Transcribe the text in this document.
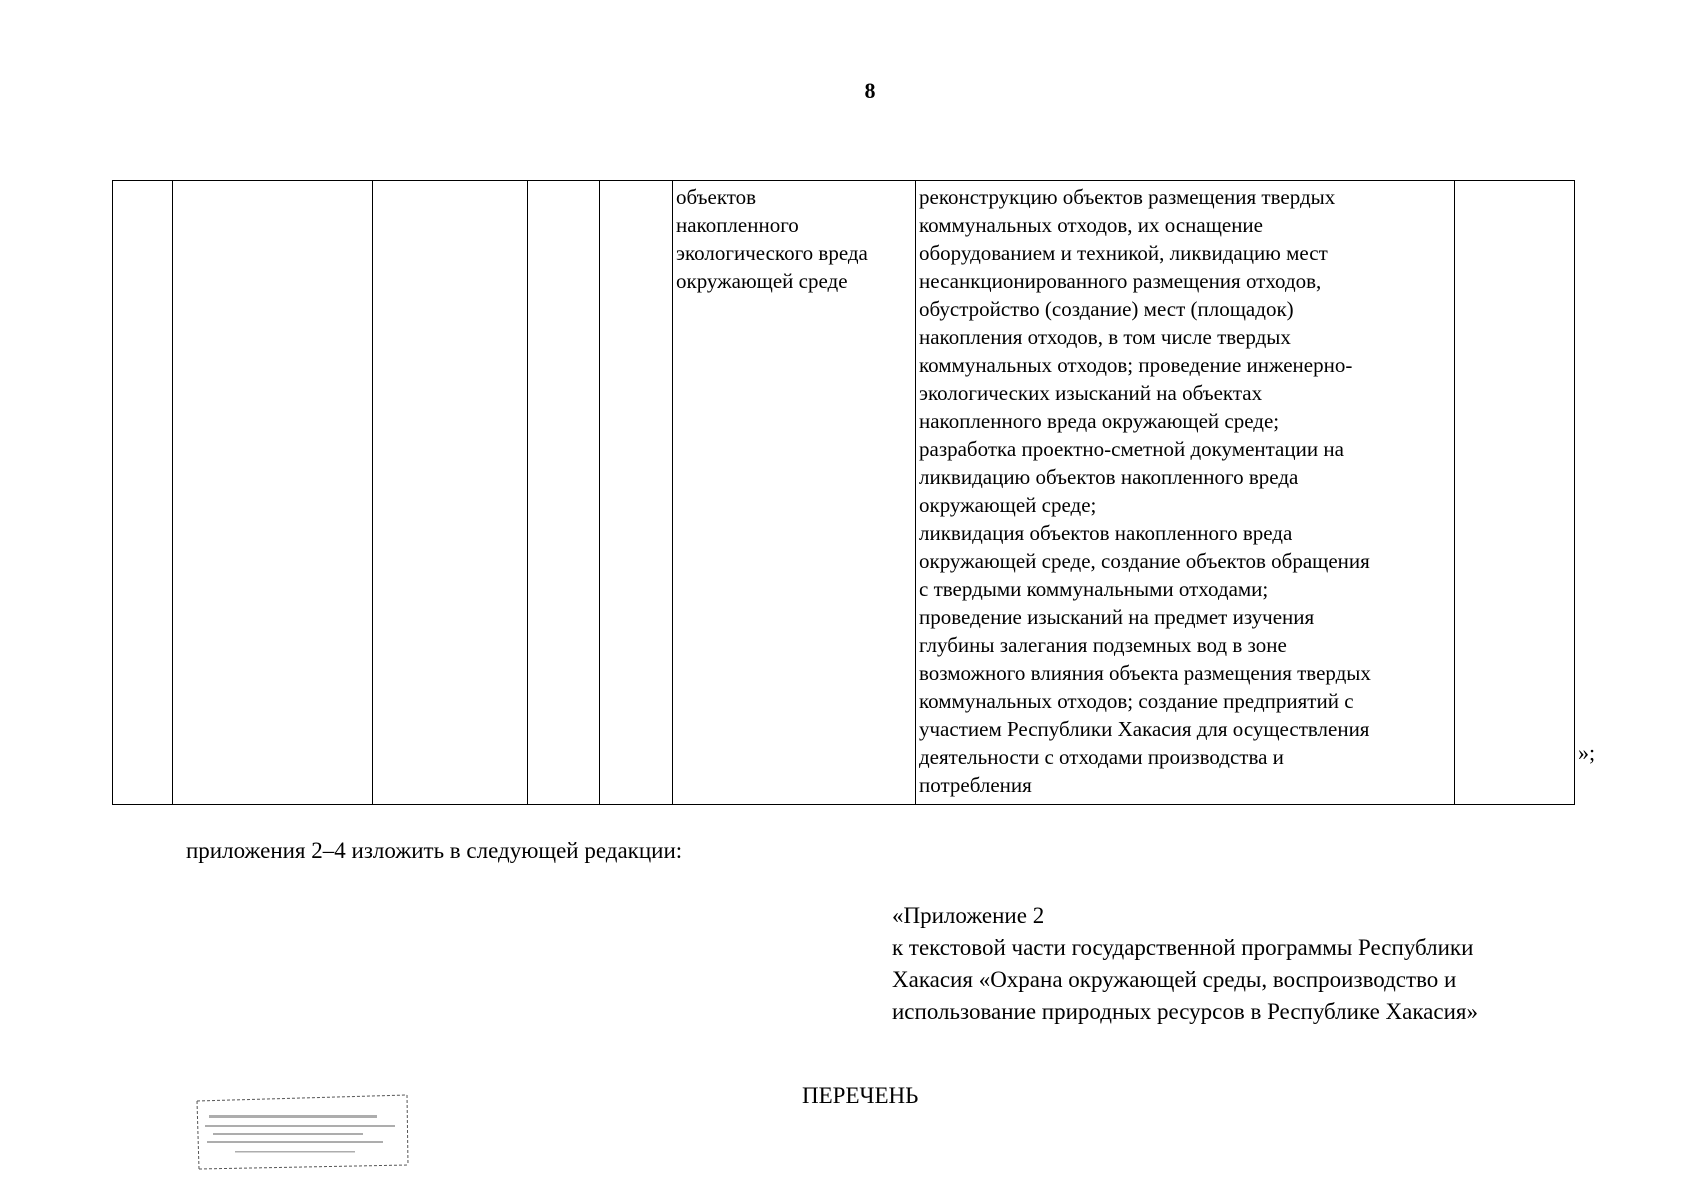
8
					объектов
накопленного
экологического вреда
окружающей среде	реконструкцию объектов размещения твердых
коммунальных отходов, их оснащение
оборудованием и техникой, ликвидацию мест
несанкционированного размещения отходов,
обустройство (создание) мест (площадок)
накопления отходов, в том числе твердых
коммунальных отходов; проведение инженерно-
экологических изысканий на объектах
накопленного вреда окружающей среде;
разработка проектно-сметной документации на
ликвидацию объектов накопленного вреда
окружающей среде;
ликвидация объектов накопленного вреда
окружающей среде, создание объектов обращения
с твердыми коммунальными отходами;
проведение изысканий на предмет изучения
глубины залегания подземных вод в зоне
возможного влияния объекта размещения твердых
коммунальных отходов; создание предприятий с
участием Республики Хакасия для осуществления
деятельности с отходами производства и
потребления	
»;
приложения 2–4 изложить в следующей редакции:
«Приложение 2
к текстовой части государственной программы Республики
Хакасия «Охрана окружающей среды, воспроизводство и
использование природных ресурсов в Республике Хакасия»
ПЕРЕЧЕНЬ
